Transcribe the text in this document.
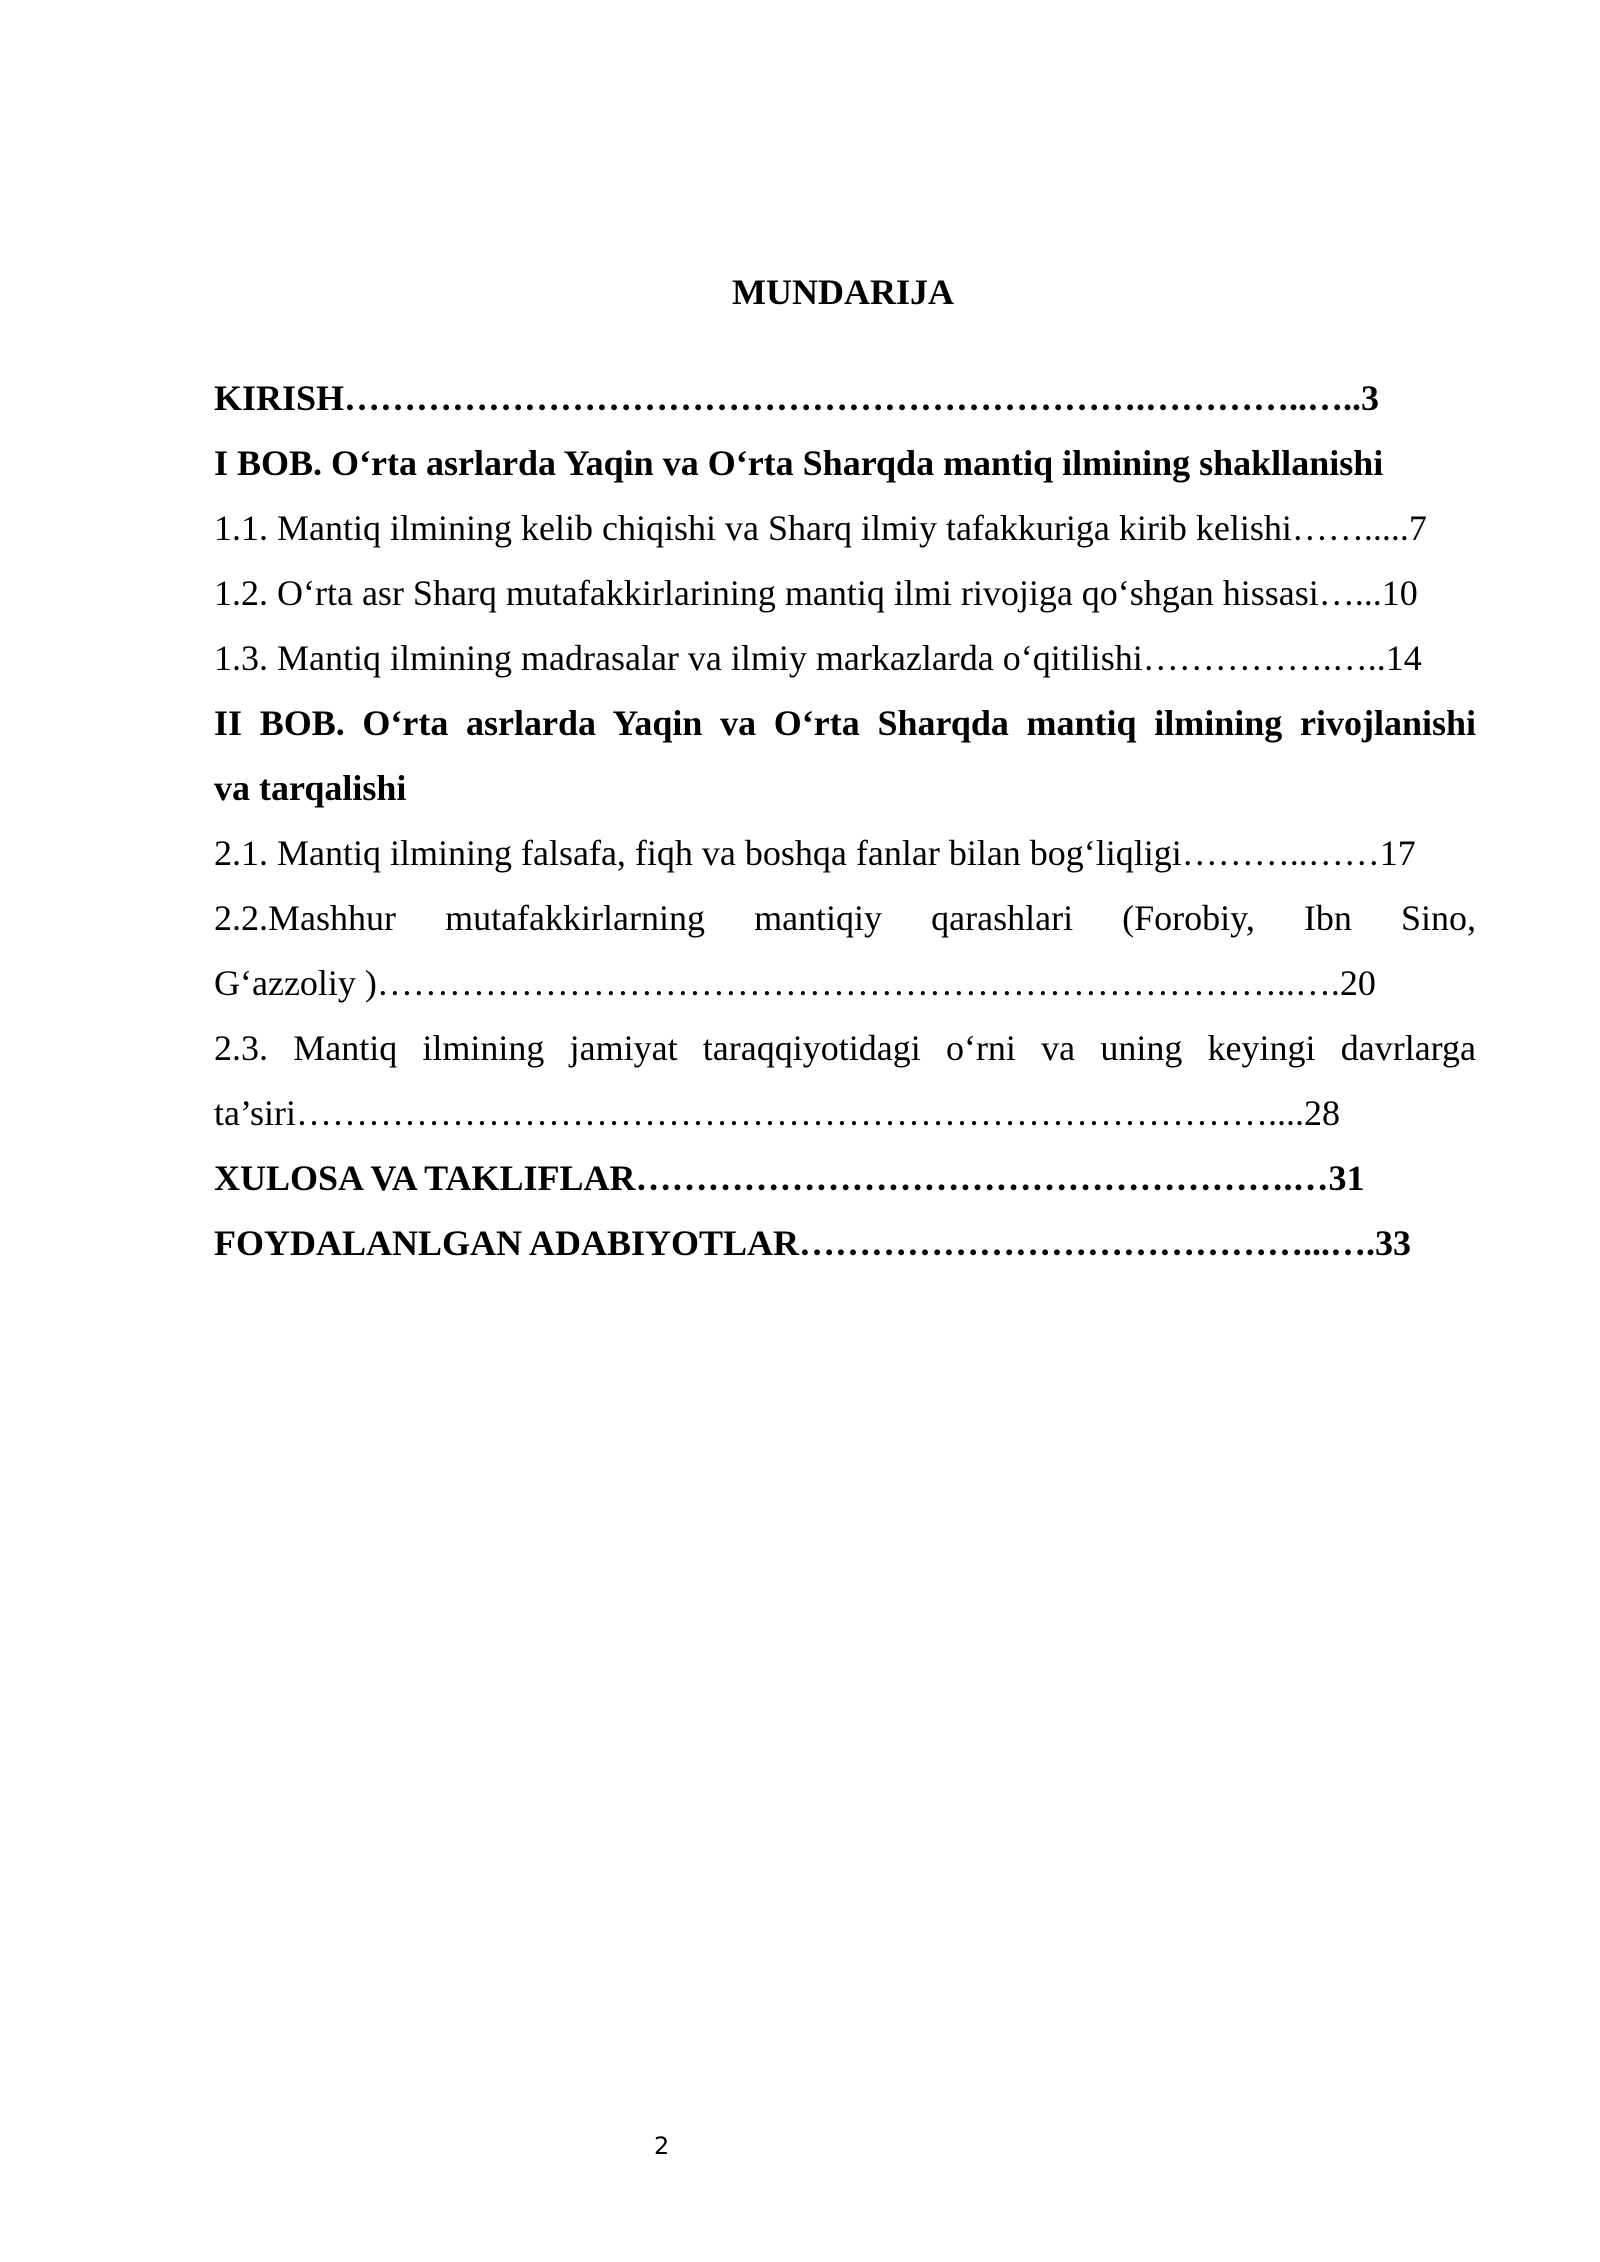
MUNDARIJA
KIRISH………………………………………………………….…………..…..3
I BOB. O‘rta asrlarda Yaqin va O‘rta Sharqda mantiq ilmining shakllanishi
1.1. Mantiq ilmining kelib chiqishi va Sharq ilmiy tafakkuriga kirib kelishi…….....7
1.2. O‘rta asr Sharq mutafakkirlarining mantiq ilmi rivojiga qo‘shgan hissasi…...10
1.3. Mantiq ilmining madrasalar va ilmiy markazlarda o‘qitilishi…………….…..14
II BOB. O‘rta asrlarda Yaqin va O‘rta Sharqda mantiq ilmining rivojlanishi
va tarqalishi
2.1. Mantiq ilmining falsafa, fiqh va boshqa fanlar bilan bog‘liqligi………..……17
2.2.Mashhur mutafakkirlarning mantiqiy qarashlari (Forobiy, Ibn Sino,
G‘azzoliy )…………………………………………………………………..….20
2.3. Mantiq ilmining jamiyat taraqqiyotidagi o‘rni va uning keyingi davrlarga
ta’siri………………………………………………………………………....28
XULOSA VA TAKLIFLAR……………………………………………….…31
FOYDALANLGAN ADABIYOTLAR……………………………………...….33
2
